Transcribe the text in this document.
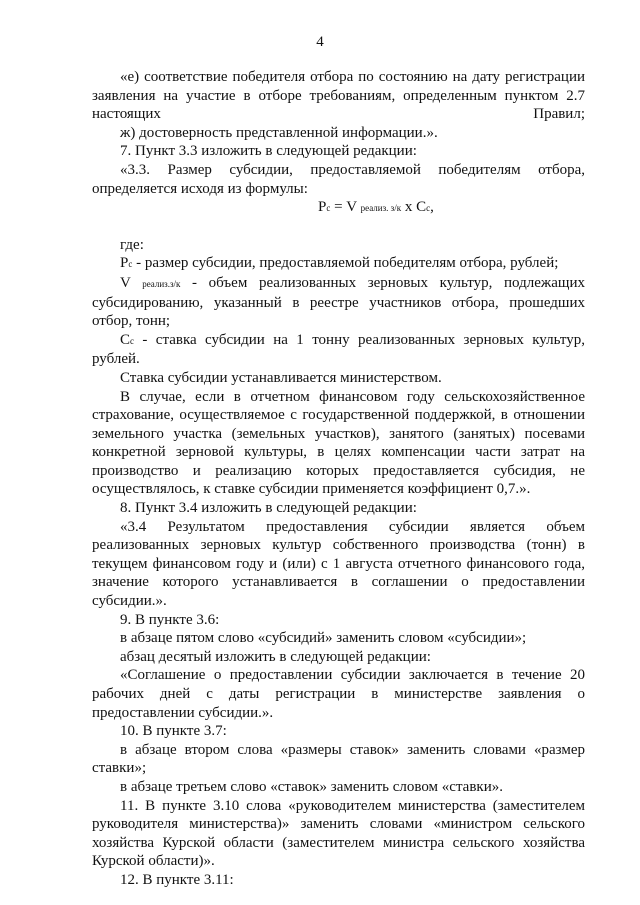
4

«е) соответствие победителя отбора по состоянию на дату регистрации заявления на участие в отборе требованиям, определенным пунктом 2.7 настоящих Правил;

ж) достоверность представленной информации.».

7. Пункт 3.3 изложить в следующей редакции:

«3.3. Размер субсидии, предоставляемой победителям отбора, определяется исходя из формулы:

Рс = V реализ. з/к х Сс,

где:

Рс - размер субсидии, предоставляемой победителям отбора, рублей;

V реализ.з/к - объем реализованных зерновых культур, подлежащих субсидированию, указанный в реестре участников отбора, прошедших отбор, тонн;

Сс - ставка субсидии на 1 тонну реализованных зерновых культур, рублей.

Ставка субсидии устанавливается министерством.

В случае, если в отчетном финансовом году сельскохозяйственное страхование, осуществляемое с государственной поддержкой, в отношении земельного участка (земельных участков), занятого (занятых) посевами конкретной зерновой культуры, в целях компенсации части затрат на производство и реализацию которых предоставляется субсидия, не осуществлялось, к ставке субсидии применяется коэффициент 0,7.».

8. Пункт 3.4 изложить в следующей редакции:

«3.4 Результатом предоставления субсидии является объем реализованных зерновых культур собственного производства (тонн) в текущем финансовом году и (или) с 1 августа отчетного финансового года, значение которого устанавливается в соглашении о предоставлении субсидии.».

9. В пункте 3.6:

в абзаце пятом слово «субсидий» заменить словом «субсидии»;

абзац десятый изложить в следующей редакции:

«Соглашение о предоставлении субсидии заключается в течение 20 рабочих дней с даты регистрации в министерстве заявления о предоставлении субсидии.».

10. В пункте 3.7:

в абзаце втором слова «размеры ставок» заменить словами «размер ставки»;

в абзаце третьем слово «ставок» заменить словом «ставки».

11. В пункте 3.10 слова «руководителем министерства (заместителем руководителя министерства)» заменить словами «министром сельского хозяйства Курской области (заместителем министра сельского хозяйства Курской области)».

12. В пункте 3.11:
